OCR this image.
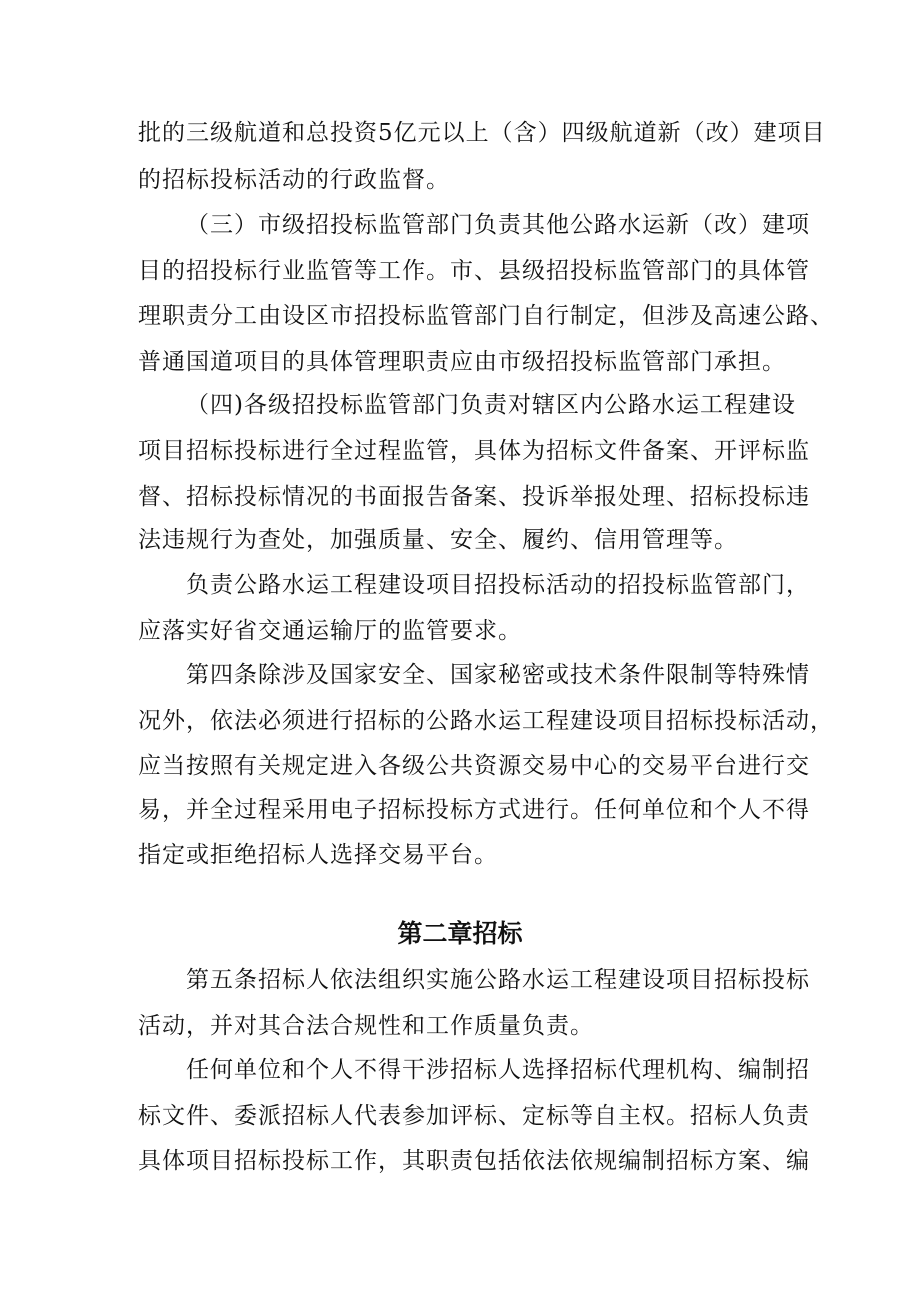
批的三级航道和总投资5亿元以上（含）四级航道新（改）建项目
的招标投标活动的行政监督。
（三）市级招投标监管部门负责其他公路水运新（改）建项
目的招投标行业监管等工作。市、县级招投标监管部门的具体管
理职责分工由设区市招投标监管部门自行制定，但涉及高速公路、
普通国道项目的具体管理职责应由市级招投标监管部门承担。
（四)各级招投标监管部门负责对辖区内公路水运工程建设
项目招标投标进行全过程监管，具体为招标文件备案、开评标监
督、招标投标情况的书面报告备案、投诉举报处理、招标投标违
法违规行为查处，加强质量、安全、履约、信用管理等。
负责公路水运工程建设项目招投标活动的招投标监管部门，
应落实好省交通运输厅的监管要求。
第四条除涉及国家安全、国家秘密或技术条件限制等特殊情
况外，依法必须进行招标的公路水运工程建设项目招标投标活动，
应当按照有关规定进入各级公共资源交易中心的交易平台进行交
易，并全过程采用电子招标投标方式进行。任何单位和个人不得
指定或拒绝招标人选择交易平台。
第二章招标
第五条招标人依法组织实施公路水运工程建设项目招标投标
活动，并对其合法合规性和工作质量负责。
任何单位和个人不得干涉招标人选择招标代理机构、编制招
标文件、委派招标人代表参加评标、定标等自主权。招标人负责
具体项目招标投标工作，其职责包括依法依规编制招标方案、编
